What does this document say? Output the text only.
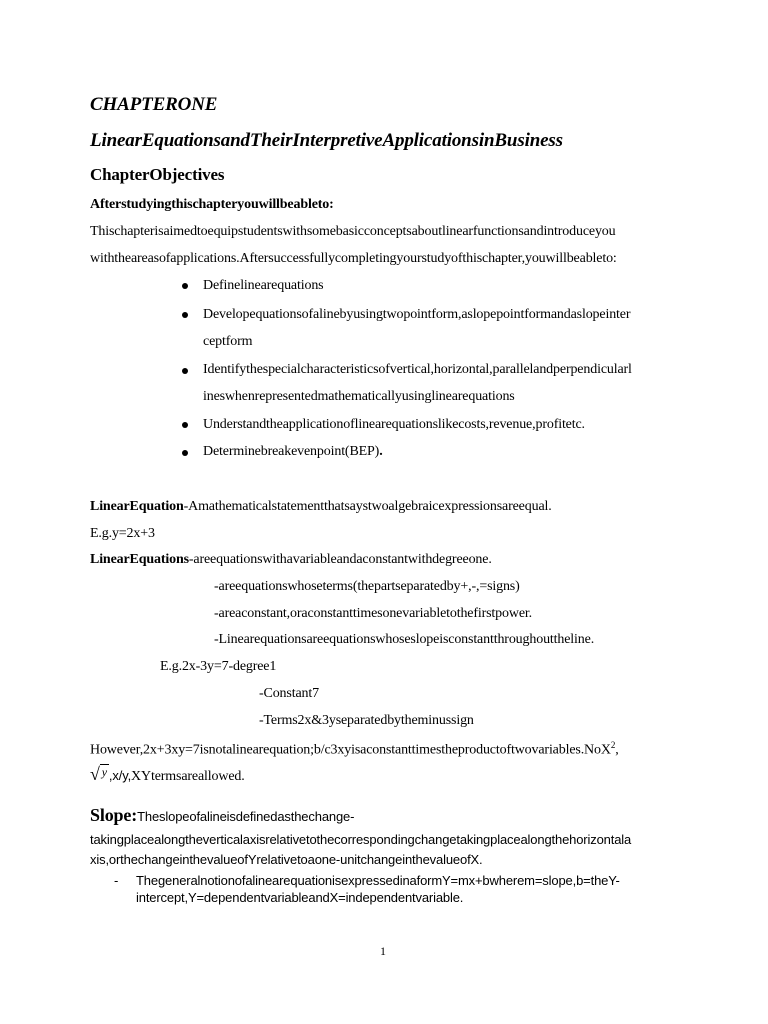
CHAPTERONE
LinearEquationsandTheirInterpretiveApplicationsinBusiness
ChapterObjectives
Afterstudyingthischapteryouwillbeableto:
Thischapterisaimedtoequipstudentswithsomebasicconceptsaboutlinearfunctionsandintroduceyou
withtheareasofapplications.Aftersuccessfullycompletingyourstudyofthischapter,youwillbeableto:
Definelinearequations
Developequationsofalinebyusingtwopointform,aslopepointformandaslopeinter
ceptform
Identifythespecialcharacteristicsofvertical,horizontal,parallelandperpendicularl
ineswhenrepresentedmathematicallyusinglinearequations
Understandtheapplicationoflinearequationslikecosts,revenue,profitetc.
Determinebreakevenpoint(BEP).
LinearEquation-Amathematicalstatementthatsaystwoalgebraicexpressionsareequal.
E.g.y=2x+3
LinearEquations-areequationswithavariableandaconstantwithdegreeone.
-areequationswhoseterms(thepartseparatedby+,-,=signs)
-areaconstant,oraconstanttimesonevariabletothefirstpower.
-Linearequationsareequationswhoseslopeisconstantthroughouttheline.
E.g.2x-3y=7-degree1
-Constant7
-Terms2x&3yseparatedbytheminussign
However,2x+3xy=7isnotalinearequation;b/c3xyisaconstanttimestheproductoftwovariables.NoX$^2$,
√ y ,x/y,XYtermsareallowed.
Slope:Theslopeofalineisdefinedasthechange-
takingplacealongtheverticalaxisrelativetothecorrespondingchangetakingplacealongthehorizontala
xis,orthechangeinthevalueofYrelativetoaone-unitchangeinthevalueofX.
- ThegeneralnotionofalinearequationisexpressedinaformY=mx+bwherem=slope,b=theY-
intercept,Y=dependentvariableandX=independentvariable.
1
